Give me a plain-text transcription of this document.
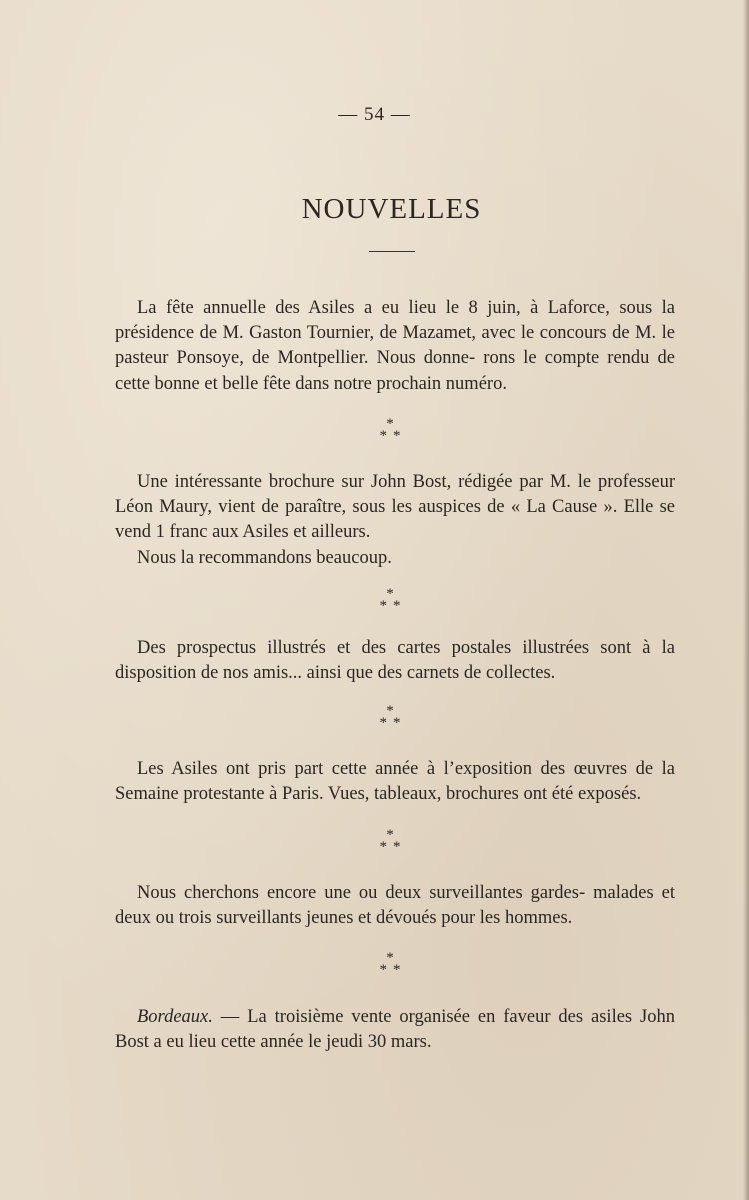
— 54 —
NOUVELLES
La fête annuelle des Asiles a eu lieu le 8 juin, à Laforce, sous la présidence de M. Gaston Tournier, de Mazamet, avec le concours de M. le pasteur Ponsoye, de Montpellier. Nous donne- rons le compte rendu de cette bonne et belle fête dans notre prochain numéro.
*
**
Une intéressante brochure sur John Bost, rédigée par M. le professeur Léon Maury, vient de paraître, sous les auspices de « La Cause ». Elle se vend 1 franc aux Asiles et ailleurs.
Nous la recommandons beaucoup.
*
**
Des prospectus illustrés et des cartes postales illustrées sont à la disposition de nos amis... ainsi que des carnets de collectes.
*
**
Les Asiles ont pris part cette année à l’exposition des œuvres de la Semaine protestante à Paris. Vues, tableaux, brochures ont été exposés.
*
**
Nous cherchons encore une ou deux surveillantes gardes- malades et deux ou trois surveillants jeunes et dévoués pour les hommes.
*
**
Bordeaux. — La troisième vente organisée en faveur des asiles John Bost a eu lieu cette année le jeudi 30 mars.
